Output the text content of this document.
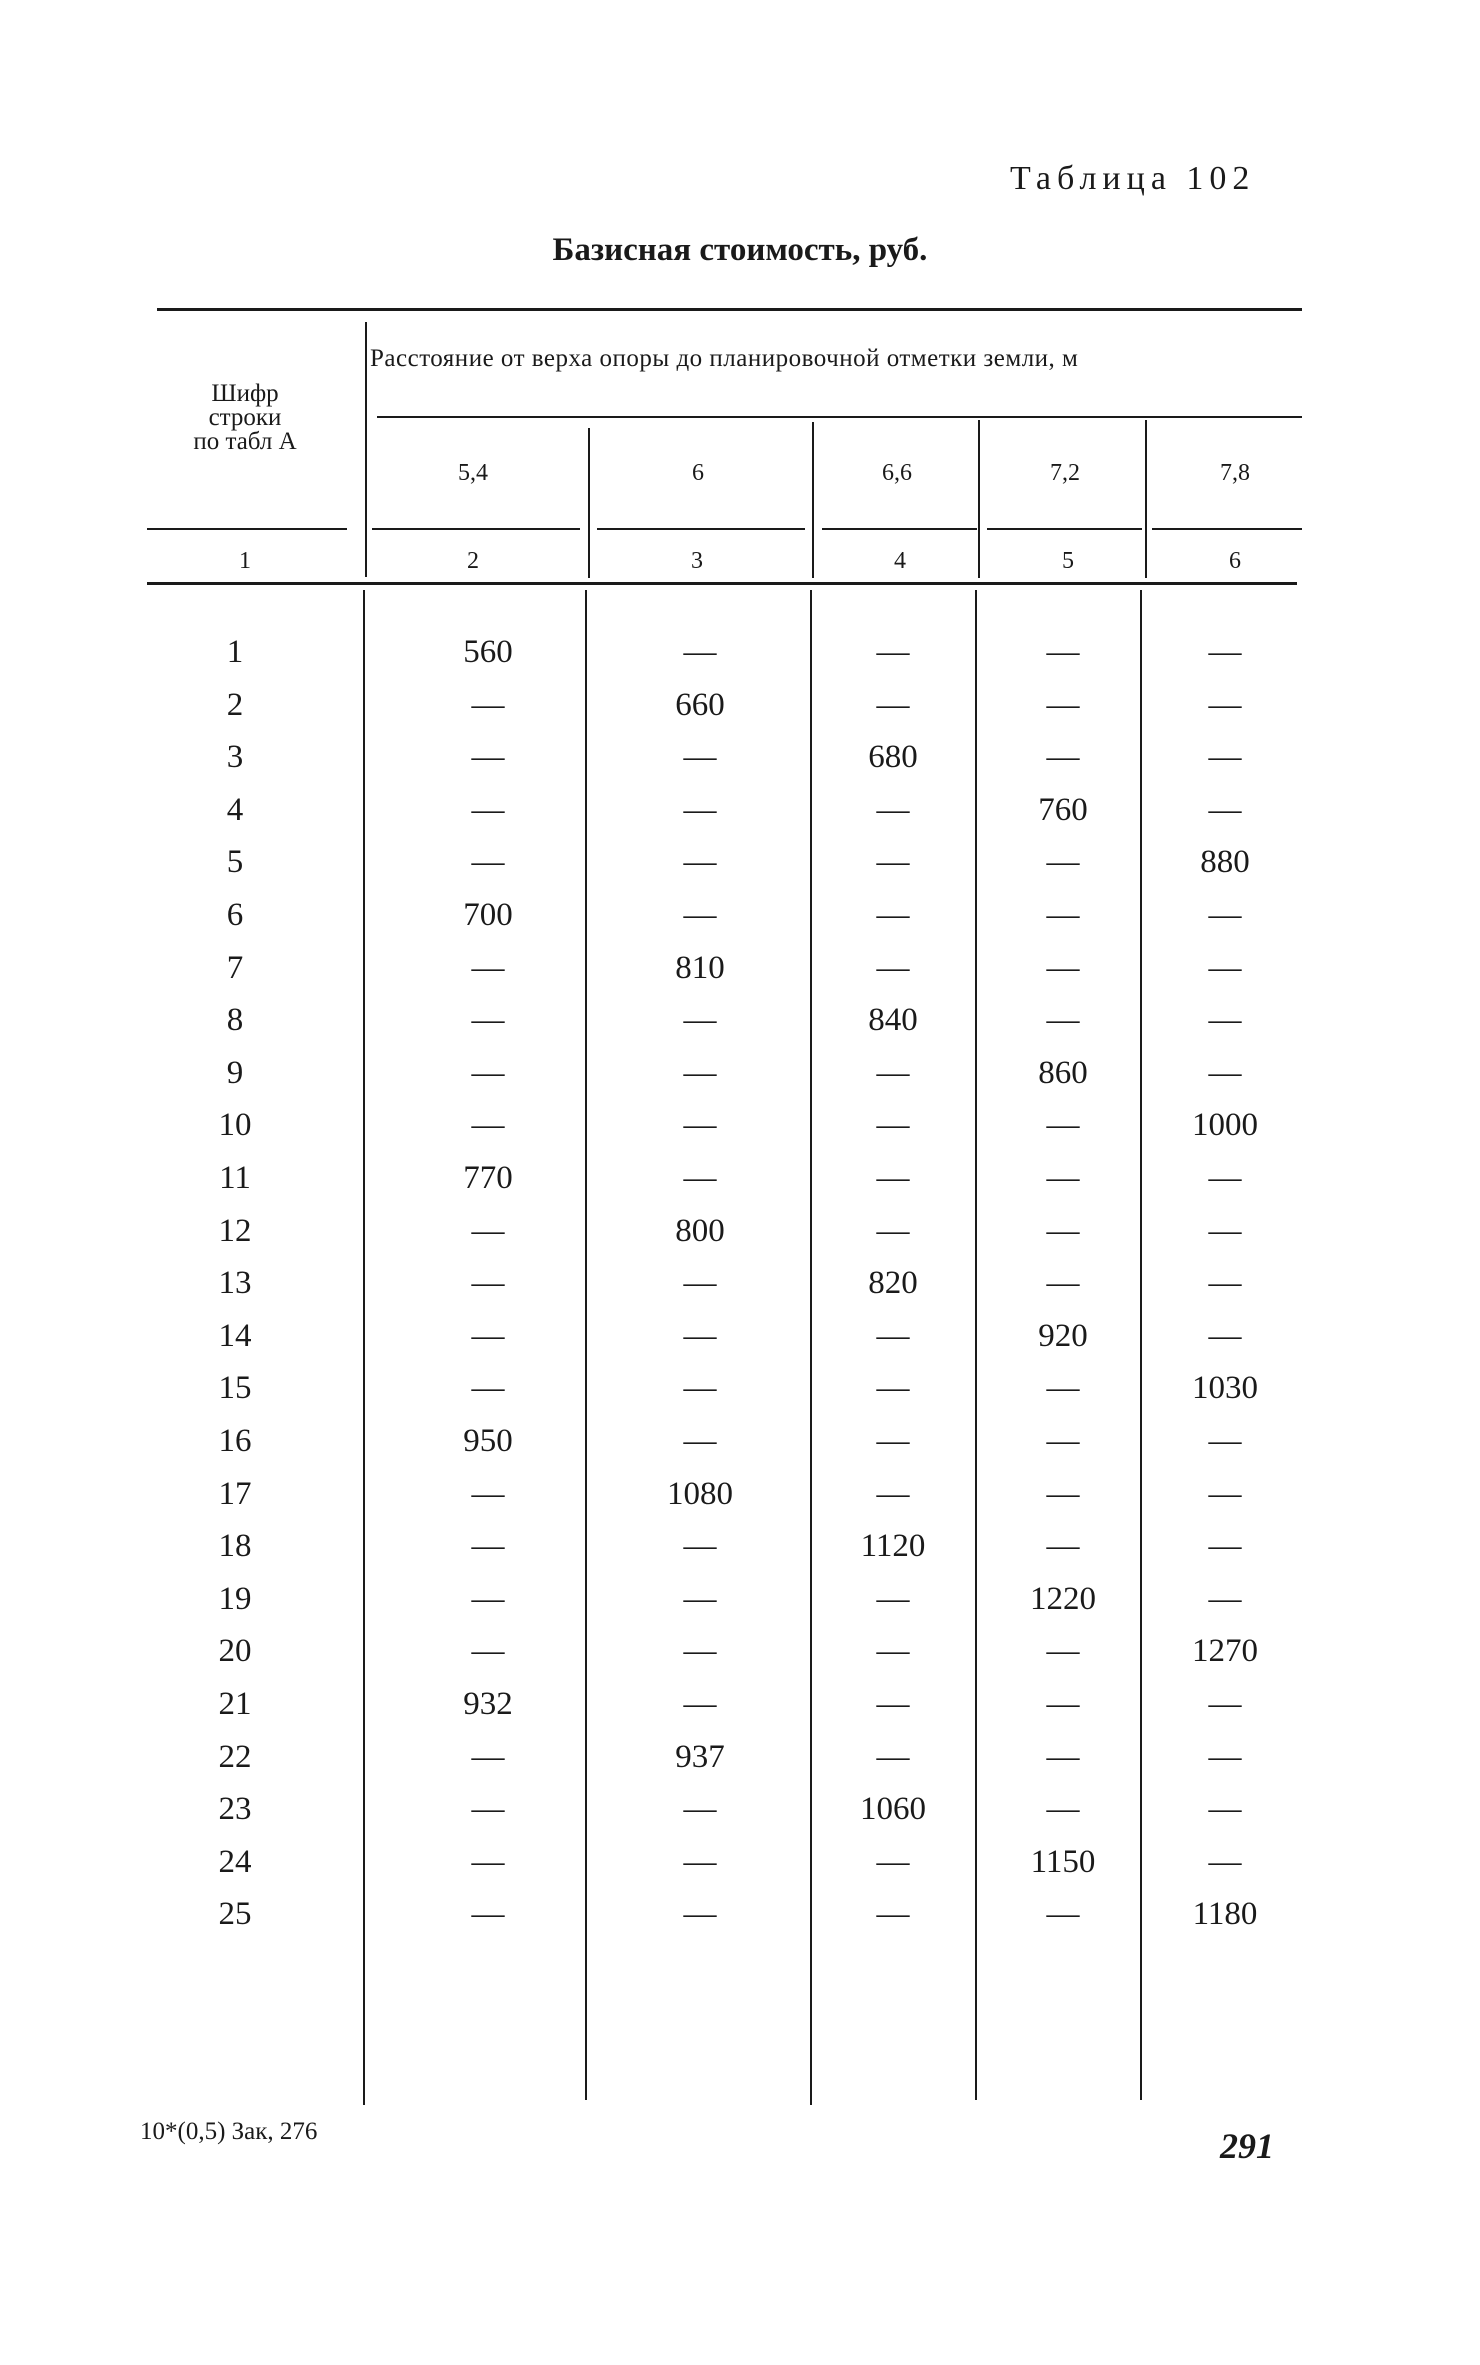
Таблица 102
Базисная стоимость, руб.
Шифр
строки
по табл А
Расстояние от верха опоры до планировочной отметки земли, м
5,4	6	6,6	7,2	7,8
1	2	3	4	5	6
1	560	—	—	—	—
2	—	660	—	—	—
3	—	—	680	—	—
4	—	—	—	760	—
5	—	—	—	—	880
6	700	—	—	—	—
7	—	810	—	—	—
8	—	—	840	—	—
9	—	—	—	860	—
10	—	—	—	—	1000
11	770	—	—	—	—
12	—	800	—	—	—
13	—	—	820	—	—
14	—	—	—	920	—
15	—	—	—	—	1030
16	950	—	—	—	—
17	—	1080	—	—	—
18	—	—	1120	—	—
19	—	—	—	1220	—
20	—	—	—	—	1270
21	932	—	—	—	—
22	—	937	—	—	—
23	—	—	1060	—	—
24	—	—	—	1150	—
25	—	—	—	—	1180
10*(0,5) Зак, 276	291
